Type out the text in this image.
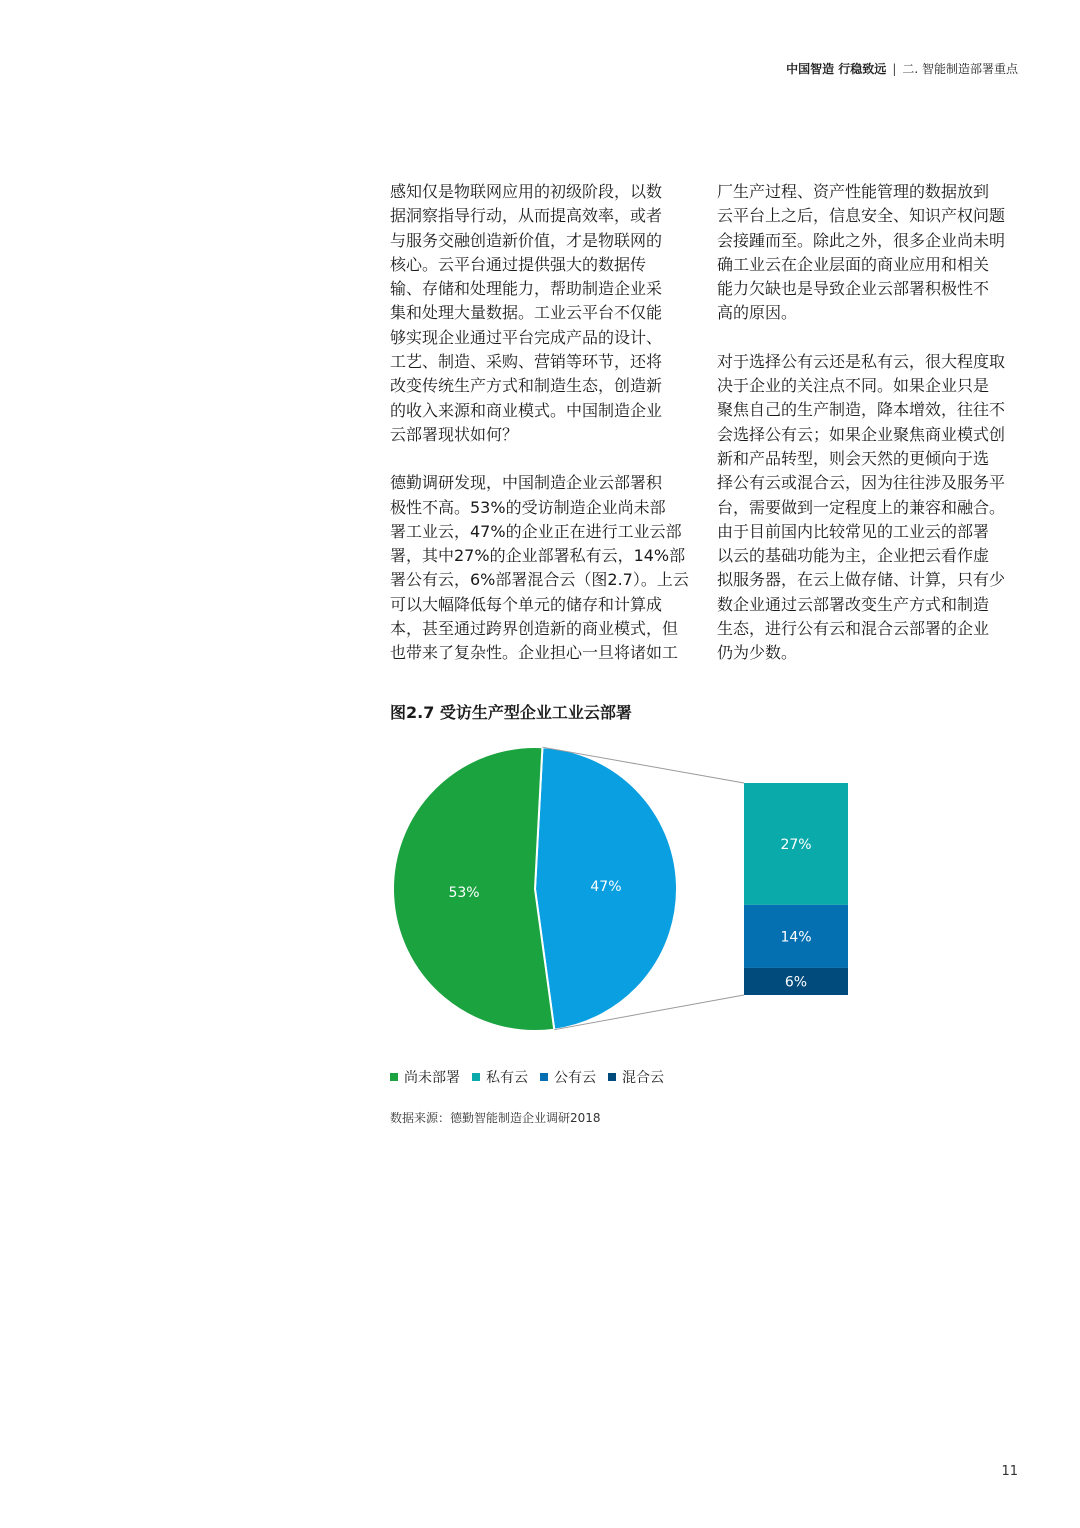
中国智造 行稳致远 | 二. 智能制造部署重点

感知仅是物联网应用的初级阶段，以数
据洞察指导行动，从而提高效率，或者
与服务交融创造新价值，才是物联网的
核心。云平台通过提供强大的数据传
输、存储和处理能力，帮助制造企业采
集和处理大量数据。工业云平台不仅能
够实现企业通过平台完成产品的设计、
工艺、制造、采购、营销等环节，还将
改变传统生产方式和制造生态，创造新
的收入来源和商业模式。中国制造企业
云部署现状如何？

德勤调研发现，中国制造企业云部署积
极性不高。53%的受访制造企业尚未部
署工业云，47%的企业正在进行工业云部
署，其中27%的企业部署私有云，14%部
署公有云，6%部署混合云（图2.7）。上云
可以大幅降低每个单元的储存和计算成
本，甚至通过跨界创造新的商业模式，但
也带来了复杂性。企业担心一旦将诸如工

厂生产过程、资产性能管理的数据放到
云平台上之后，信息安全、知识产权问题
会接踵而至。除此之外，很多企业尚未明
确工业云在企业层面的商业应用和相关
能力欠缺也是导致企业云部署积极性不
高的原因。

对于选择公有云还是私有云，很大程度取
决于企业的关注点不同。如果企业只是
聚焦自己的生产制造，降本增效，往往不
会选择公有云；如果企业聚焦商业模式创
新和产品转型，则会天然的更倾向于选
择公有云或混合云，因为往往涉及服务平
台，需要做到一定程度上的兼容和融合。
由于目前国内比较常见的工业云的部署
以云的基础功能为主，企业把云看作虚
拟服务器，在云上做存储、计算，只有少
数企业通过云部署改变生产方式和制造
生态，进行公有云和混合云部署的企业
仍为少数。

图2.7 受访生产型企业工业云部署
47%
53%
27%
14%
6%
尚未部署 私有云 公有云 混合云
数据来源：德勤智能制造企业调研2018
11
